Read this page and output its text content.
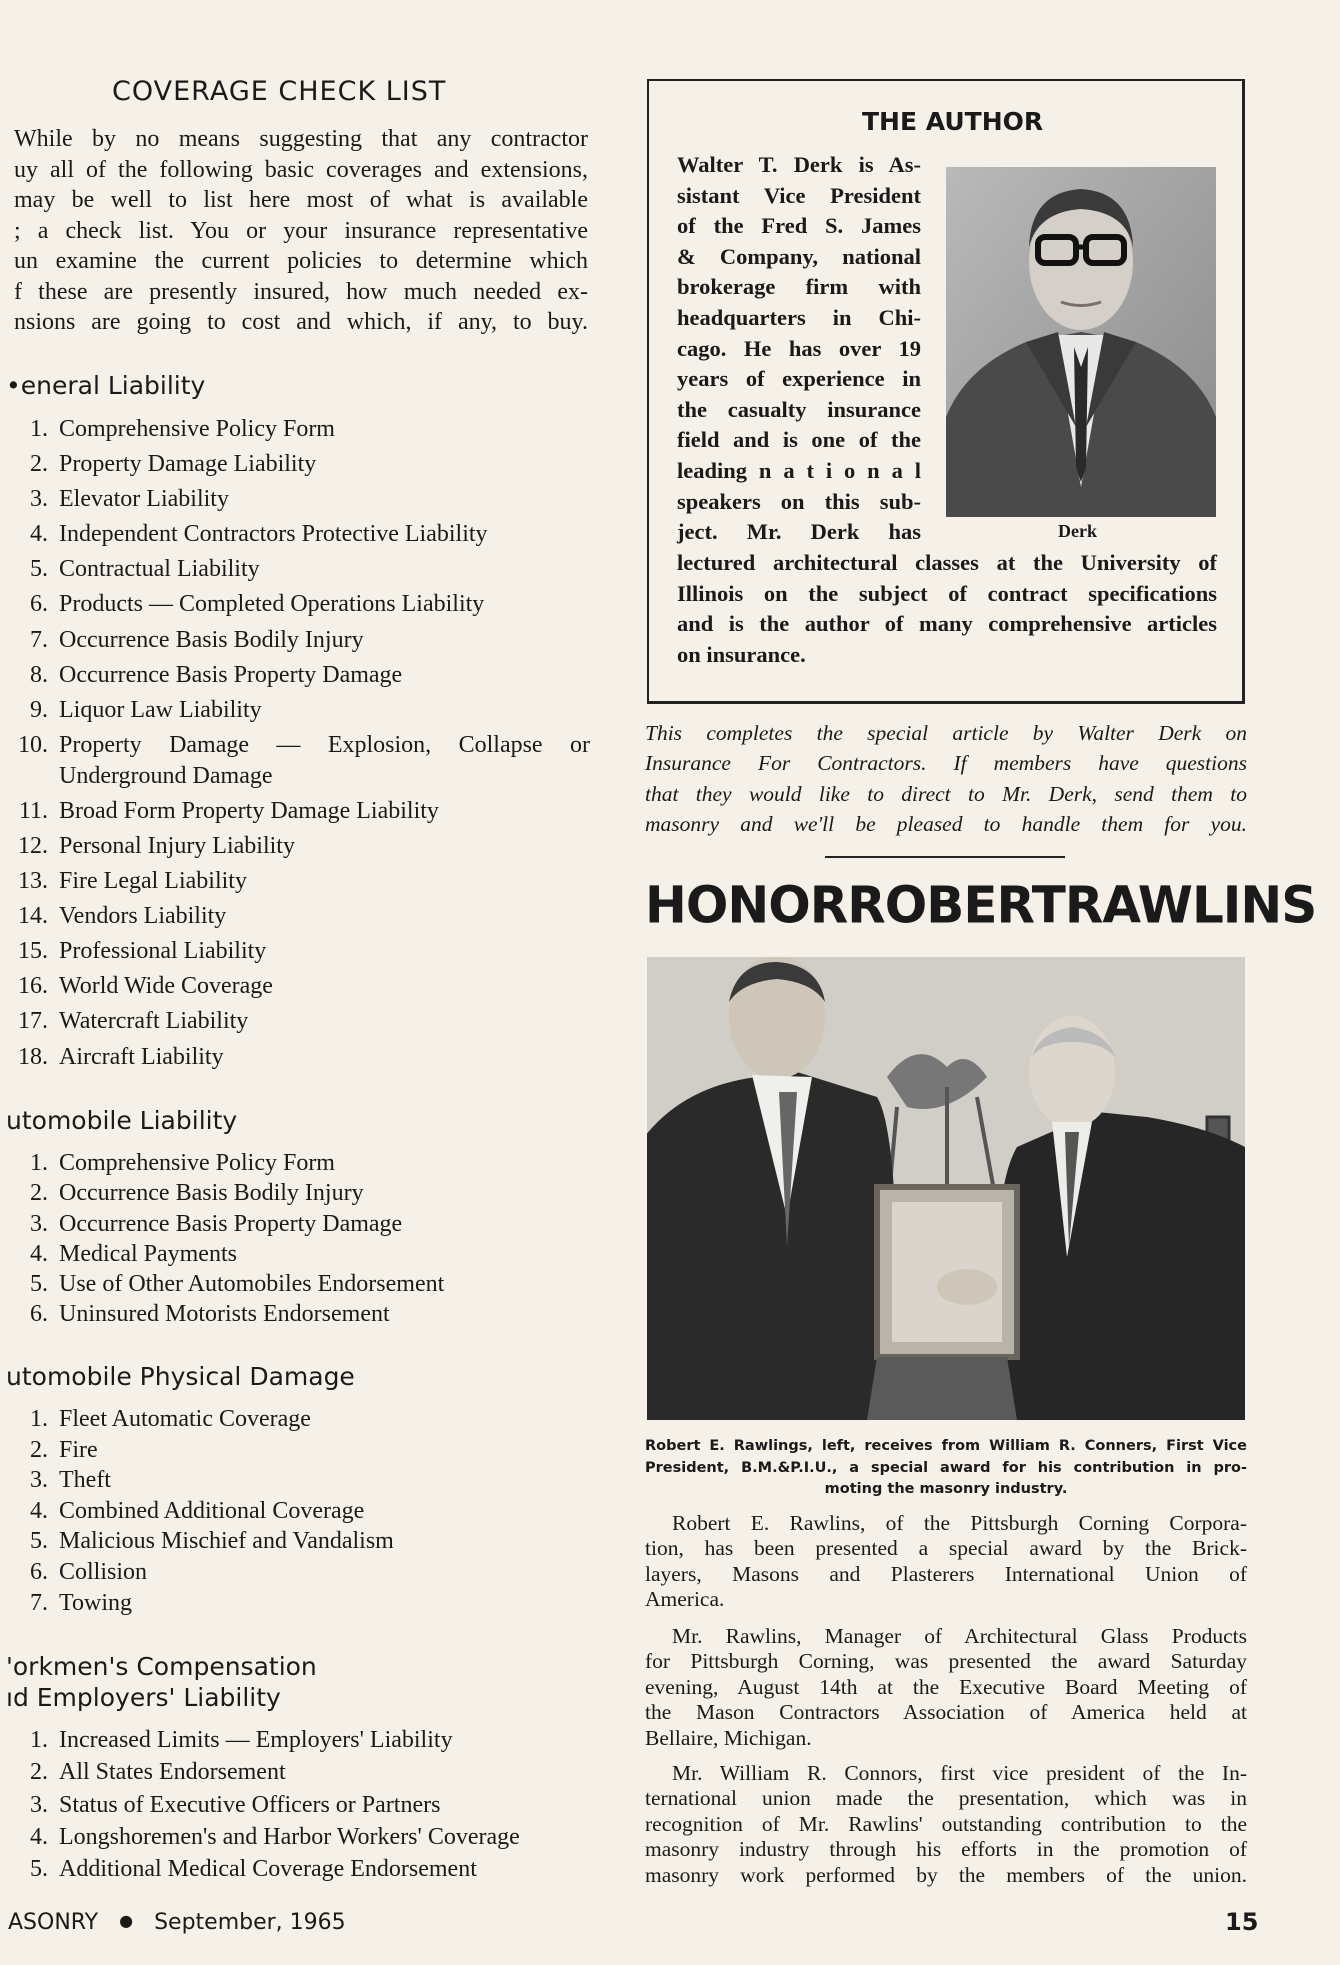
COVERAGE CHECK LIST
While by no means suggesting that any contractor
uy all of the following basic coverages and extensions,
may be well to list here most of what is available
; a check list. You or your insurance representative
un examine the current policies to determine which
f these are presently insured, how much needed ex-
nsions are going to cost and which, if any, to buy.
•eneral Liability
1. Comprehensive Policy Form
2. Property Damage Liability
3. Elevator Liability
4. Independent Contractors Protective Liability
5. Contractual Liability
6. Products — Completed Operations Liability
7. Occurrence Basis Bodily Injury
8. Occurrence Basis Property Damage
9. Liquor Law Liability
10. Property Damage — Explosion, Collapse or Underground Damage
11. Broad Form Property Damage Liability
12. Personal Injury Liability
13. Fire Legal Liability
14. Vendors Liability
15. Professional Liability
16. World Wide Coverage
17. Watercraft Liability
18. Aircraft Liability
utomobile Liability
1. Comprehensive Policy Form
2. Occurrence Basis Bodily Injury
3. Occurrence Basis Property Damage
4. Medical Payments
5. Use of Other Automobiles Endorsement
6. Uninsured Motorists Endorsement
utomobile Physical Damage
1. Fleet Automatic Coverage
2. Fire
3. Theft
4. Combined Additional Coverage
5. Malicious Mischief and Vandalism
6. Collision
7. Towing
'orkmen's Compensation
ıd Employers' Liability
1. Increased Limits — Employers' Liability
2. All States Endorsement
3. Status of Executive Officers or Partners
4. Longshoremen's and Harbor Workers' Coverage
5. Additional Medical Coverage Endorsement
THE AUTHOR
Walter T. Derk is As-
sistant Vice President
of the Fred S. James
& Company, national
brokerage firm with
headquarters in Chi-
cago. He has over 19
years of experience in
the casualty insurance
field and is one of the
leading n a t i o n a l
speakers on this sub-
ject. Mr. Derk has	Derk
lectured architectural classes at the University of
Illinois on the subject of contract specifications
and is the author of many comprehensive articles
on insurance.
This completes the special article by Walter Derk on
Insurance For Contractors. If members have questions
that they would like to direct to Mr. Derk, send them to
masonry and we'll be pleased to handle them for you.
HONOR ROBERT RAWLINS
Robert E. Rawlings, left, receives from William R. Conners, First Vice
President, B.M.&P.I.U., a special award for his contribution in pro-
moting the masonry industry.
Robert E. Rawlins, of the Pittsburgh Corning Corpora-
tion, has been presented a special award by the Brick-
layers, Masons and Plasterers International Union of
America.
Mr. Rawlins, Manager of Architectural Glass Products
for Pittsburgh Corning, was presented the award Saturday
evening, August 14th at the Executive Board Meeting of
the Mason Contractors Association of America held at
Bellaire, Michigan.
Mr. William R. Connors, first vice president of the In-
ternational union made the presentation, which was in
recognition of Mr. Rawlins' outstanding contribution to the
masonry industry through his efforts in the promotion of
masonry work performed by the members of the union.
ASONRY ● September, 1965	15
